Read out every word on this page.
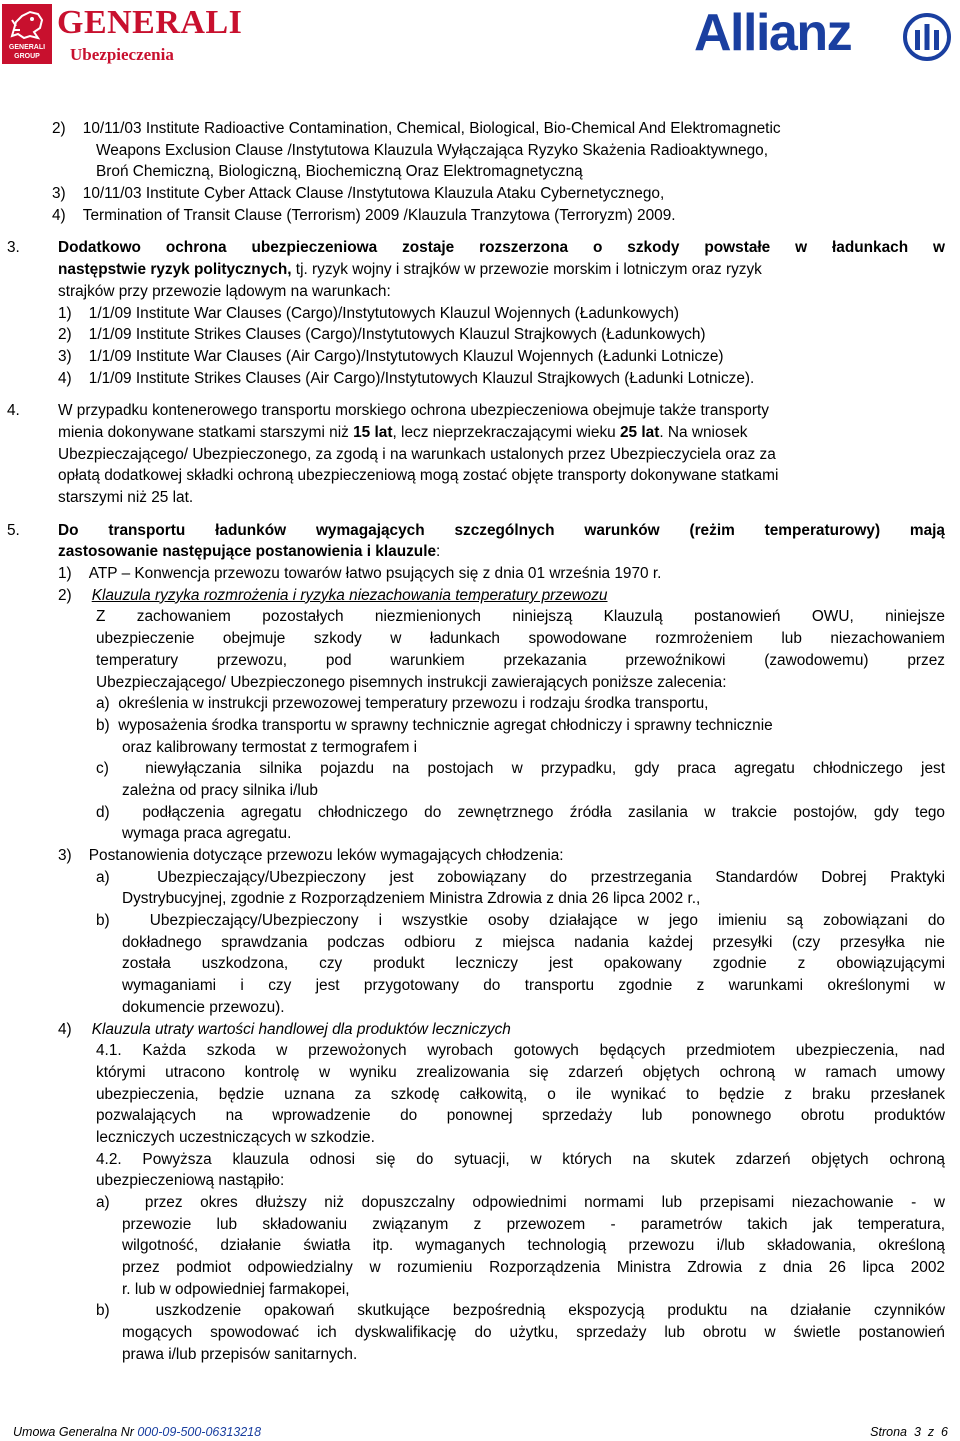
GENERALI
GROUP
GENERALI
Ubezpieczenia	Allianz
2)    10/11/03 Institute Radioactive Contamination, Chemical, Biological, Bio-Chemical And Elektromagnetic
Weapons Exclusion Clause /Instytutowa Klauzula Wyłączająca Ryzyko Skażenia Radioaktywnego,
Broń Chemiczną, Biologiczną, Biochemiczną Oraz Elektromagnetyczną
3)    10/11/03 Institute Cyber Attack Clause /Instytutowa Klauzula Ataku Cybernetycznego,
4)    Termination of Transit Clause (Terrorism) 2009 /Klauzula Tranzytowa (Terroryzm) 2009.
3. Dodatkowo ochrona ubezpieczeniowa zostaje rozszerzona o szkody powstałe w ładunkach w
następstwie ryzyk politycznych, tj. ryzyk wojny i strajków w przewozie morskim i lotniczym oraz ryzyk
strajków przy przewozie lądowym na warunkach:
1)    1/1/09 Institute War Clauses (Cargo)/Instytutowych Klauzul Wojennych (Ładunkowych)
2)    1/1/09 Institute Strikes Clauses (Cargo)/Instytutowych Klauzul Strajkowych (Ładunkowych)
3)    1/1/09 Institute War Clauses (Air Cargo)/Instytutowych Klauzul Wojennych (Ładunki Lotnicze)
4)    1/1/09 Institute Strikes Clauses (Air Cargo)/Instytutowych Klauzul Strajkowych (Ładunki Lotnicze).
4. W przypadku kontenerowego transportu morskiego ochrona ubezpieczeniowa obejmuje także transporty
mienia dokonywane statkami starszymi niż 15 lat, lecz nieprzekraczającymi wieku 25 lat. Na wniosek
Ubezpieczającego/ Ubezpieczonego, za zgodą i na warunkach ustalonych przez Ubezpieczyciela oraz za
opłatą dodatkowej składki ochroną ubezpieczeniową mogą zostać objęte transporty dokonywane statkami
starszymi niż 25 lat.
5. Do transportu ładunków wymagających szczególnych warunków (reżim temperaturowy) mają
zastosowanie następujące postanowienia i klauzule:
1)    ATP – Konwencja przewozu towarów łatwo psujących się z dnia 01 września 1970 r.
2) Klauzula ryzyka rozmrożenia i ryzyka niezachowania temperatury przewozu
Z zachowaniem pozostałych niezmienionych niniejszą Klauzulą postanowień OWU, niniejsze
ubezpieczenie obejmuje szkody w ładunkach spowodowane rozmrożeniem lub niezachowaniem
temperatury przewozu, pod warunkiem przekazania przewoźnikowi (zawodowemu) przez
Ubezpieczającego/ Ubezpieczonego pisemnych instrukcji zawierających poniższe zalecenia:
a)  określenia w instrukcji przewozowej temperatury przewozu i rodzaju środka transportu,
b)  wyposażenia środka transportu w sprawny technicznie agregat chłodniczy i sprawny technicznie
oraz kalibrowany termostat z termografem i
c)  niewyłączania silnika pojazdu na postojach w przypadku, gdy praca agregatu chłodniczego jest
zależna od pracy silnika i/lub
d)  podłączenia agregatu chłodniczego do zewnętrznego źródła zasilania w trakcie postojów, gdy tego
wymaga praca agregatu.
3)    Postanowienia dotyczące przewozu leków wymagających chłodzenia:
a)  Ubezpieczający/Ubezpieczony jest zobowiązany do przestrzegania Standardów Dobrej Praktyki
Dystrybucyjnej, zgodnie z Rozporządzeniem Ministra Zdrowia z dnia 26 lipca 2002 r.,
b)  Ubezpieczający/Ubezpieczony i wszystkie osoby działające w jego imieniu są zobowiązani do
dokładnego sprawdzania podczas odbioru z miejsca nadania każdej przesyłki (czy przesyłka nie
została uszkodzona, czy produkt leczniczy jest opakowany zgodnie z obowiązującymi
wymaganiami i czy jest przygotowany do transportu zgodnie z warunkami określonymi w
dokumencie przewozu).
4) Klauzula utraty wartości handlowej dla produktów leczniczych
4.1. Każda szkoda w przewożonych wyrobach gotowych będących przedmiotem ubezpieczenia, nad
którymi utracono kontrolę w wyniku zrealizowania się zdarzeń objętych ochroną w ramach umowy
ubezpieczenia, będzie uznana za szkodę całkowitą, o ile wynikać to będzie z braku przesłanek
pozwalających na wprowadzenie do ponownej sprzedaży lub ponownego obrotu produktów
leczniczych uczestniczących w szkodzie.
4.2. Powyższa klauzula odnosi się do sytuacji, w których na skutek zdarzeń objętych ochroną
ubezpieczeniową nastąpiło:
a)  przez okres dłuższy niż dopuszczalny odpowiednimi normami lub przepisami niezachowanie - w
przewozie lub składowaniu związanym z przewozem - parametrów takich jak temperatura,
wilgotność, działanie światła itp. wymaganych technologią przewozu i/lub składowania, określoną
przez podmiot odpowiedzialny w rozumieniu Rozporządzenia Ministra Zdrowia z dnia 26 lipca 2002
r. lub w odpowiedniej farmakopei,
b)  uszkodzenie opakowań skutkujące bezpośrednią ekspozycją produktu na działanie czynników
mogących spowodować ich dyskwalifikację do użytku, sprzedaży lub obrotu w świetle postanowień
prawa i/lub przepisów sanitarnych.
Umowa Generalna Nr 000-09-500-06313218	Strona  3  z  6
